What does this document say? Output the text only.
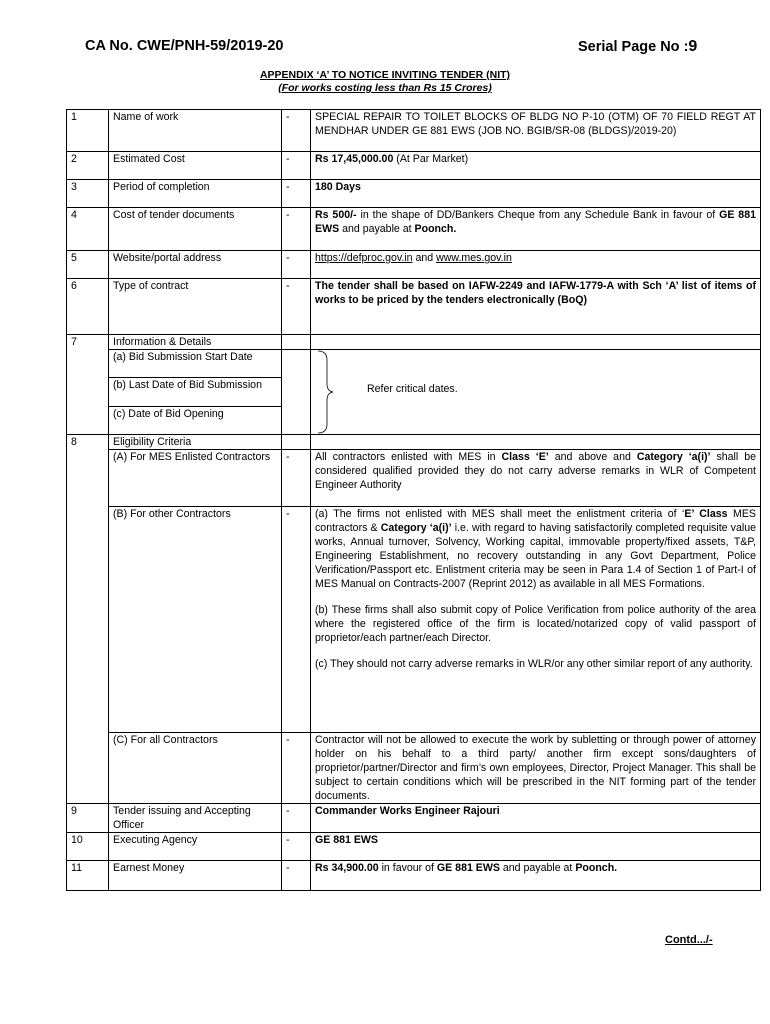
CA No. CWE/PNH-59/2019-20	Serial Page No :9
APPENDIX ‘A’ TO NOTICE INVITING TENDER (NIT)
(For works costing less than Rs 15 Crores)
1	Name of work	-	SPECIAL REPAIR TO TOILET BLOCKS OF BLDG NO P-10 (OTM) OF 70 FIELD REGT AT MENDHAR UNDER GE 881 EWS (JOB NO. BGIB/SR-08 (BLDGS)/2019-20)
2	Estimated Cost	-	Rs 17,45,000.00 (At Par Market)
3	Period of completion	-	180 Days
4	Cost of tender documents	-	Rs 500/- in the shape of DD/Bankers Cheque from any Schedule Bank in favour of GE 881 EWS and payable at Poonch.
5	Website/portal address	-	https://defproc.gov.in and www.mes.gov.in
6	Type of contract	-	The tender shall be based on IAFW-2249 and IAFW-1779-A with Sch ‘A’ list of items of works to be priced by the tenders electronically (BoQ)
7	Information & Details		
	(a) Bid Submission Start Date		Refer critical dates.

	(b) Last Date of Bid Submission		
	(c) Date of Bid Opening		
8	Eligibility Criteria		
	(A) For MES Enlisted Contractors	-	All contractors enlisted with MES in Class ‘E’ and above and Category ‘a(i)’ shall be considered qualified provided they do not carry adverse remarks in WLR of Competent Engineer Authority
	(B) For other Contractors	-	(a) The firms not enlisted with MES shall meet the enlistment criteria of ‘E’ Class MES contractors & Category ‘a(i)’ i.e. with regard to having satisfactorily completed requisite value works, Annual turnover, Solvency, Working capital, immovable property/fixed assets, T&P, Engineering Establishment, no recovery outstanding in any Govt Department, Police Verification/Passport etc. Enlistment criteria may be seen in Para 1.4 of Section 1 of Part-I of MES Manual on Contracts-2007 (Reprint 2012) as available in all MES Formations.
(b) These firms shall also submit copy of Police Verification from police authority of the area where the registered office of the firm is located/notarized copy of valid passport of proprietor/each partner/each Director.
(c) They should not carry adverse remarks in WLR/or any other similar report of any authority.

	(C) For all Contractors	-	Contractor will not be allowed to execute the work by subletting or through power of attorney holder on his behalf to a third party/ another firm except sons/daughters of proprietor/partner/Director and firm’s own employees, Director, Project Manager. This shall be subject to certain conditions which will be prescribed in the NIT forming part of the tender documents.
9	Tender issuing and Accepting Officer	-	Commander Works Engineer Rajouri
10	Executing Agency	-	GE 881 EWS
11	Earnest Money	-	Rs 34,900.00 in favour of GE 881 EWS and payable at Poonch.
Contd.../-
